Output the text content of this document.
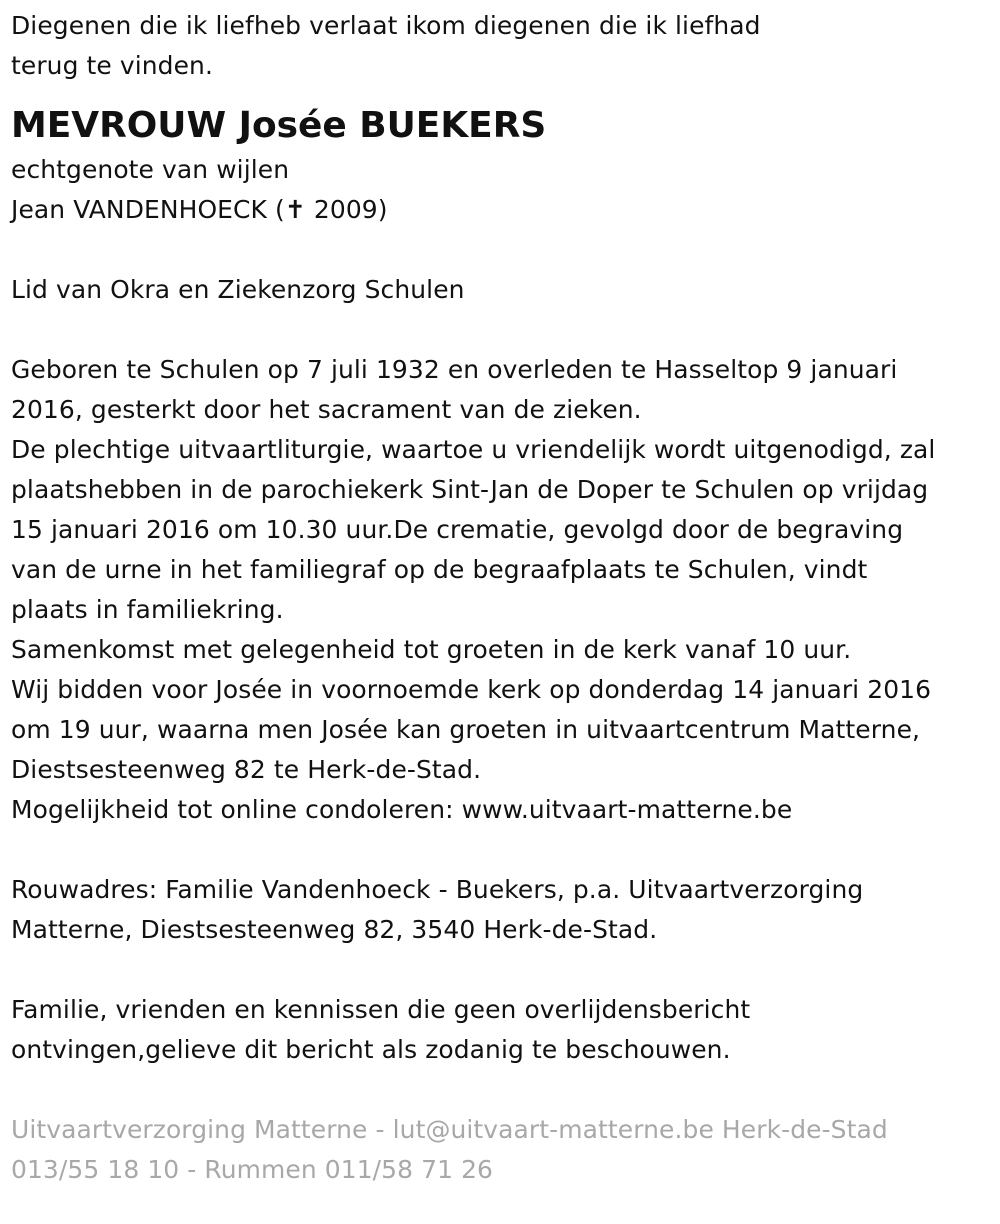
Diegenen die ik liefheb verlaat ikom diegenen die ik liefhad
terug te vinden.
MEVROUW Josée BUEKERS
echtgenote van wijlen
Jean VANDENHOECK (✝ 2009)
Lid van Okra en Ziekenzorg Schulen
Geboren te Schulen op 7 juli 1932 en overleden te Hasseltop 9 januari
2016, gesterkt door het sacrament van de zieken.
De plechtige uitvaartliturgie, waartoe u vriendelijk wordt uitgenodigd, zal
plaatshebben in de parochiekerk Sint-Jan de Doper te Schulen op vrijdag
15 januari 2016 om 10.30 uur.De crematie, gevolgd door de begraving
van de urne in het familiegraf op de begraafplaats te Schulen, vindt
plaats in familiekring.
Samenkomst met gelegenheid tot groeten in de kerk vanaf 10 uur.
Wij bidden voor Josée in voornoemde kerk op donderdag 14 januari 2016
om 19 uur, waarna men Josée kan groeten in uitvaartcentrum Matterne,
Diestsesteenweg 82 te Herk-de-Stad.
Mogelijkheid tot online condoleren: www.uitvaart-matterne.be
Rouwadres: Familie Vandenhoeck - Buekers, p.a. Uitvaartverzorging
Matterne, Diestsesteenweg 82, 3540 Herk-de-Stad.
Familie, vrienden en kennissen die geen overlijdensbericht
ontvingen,gelieve dit bericht als zodanig te beschouwen.
Uitvaartverzorging Matterne - lut@uitvaart-matterne.be Herk-de-Stad
013/55 18 10 - Rummen 011/58 71 26
